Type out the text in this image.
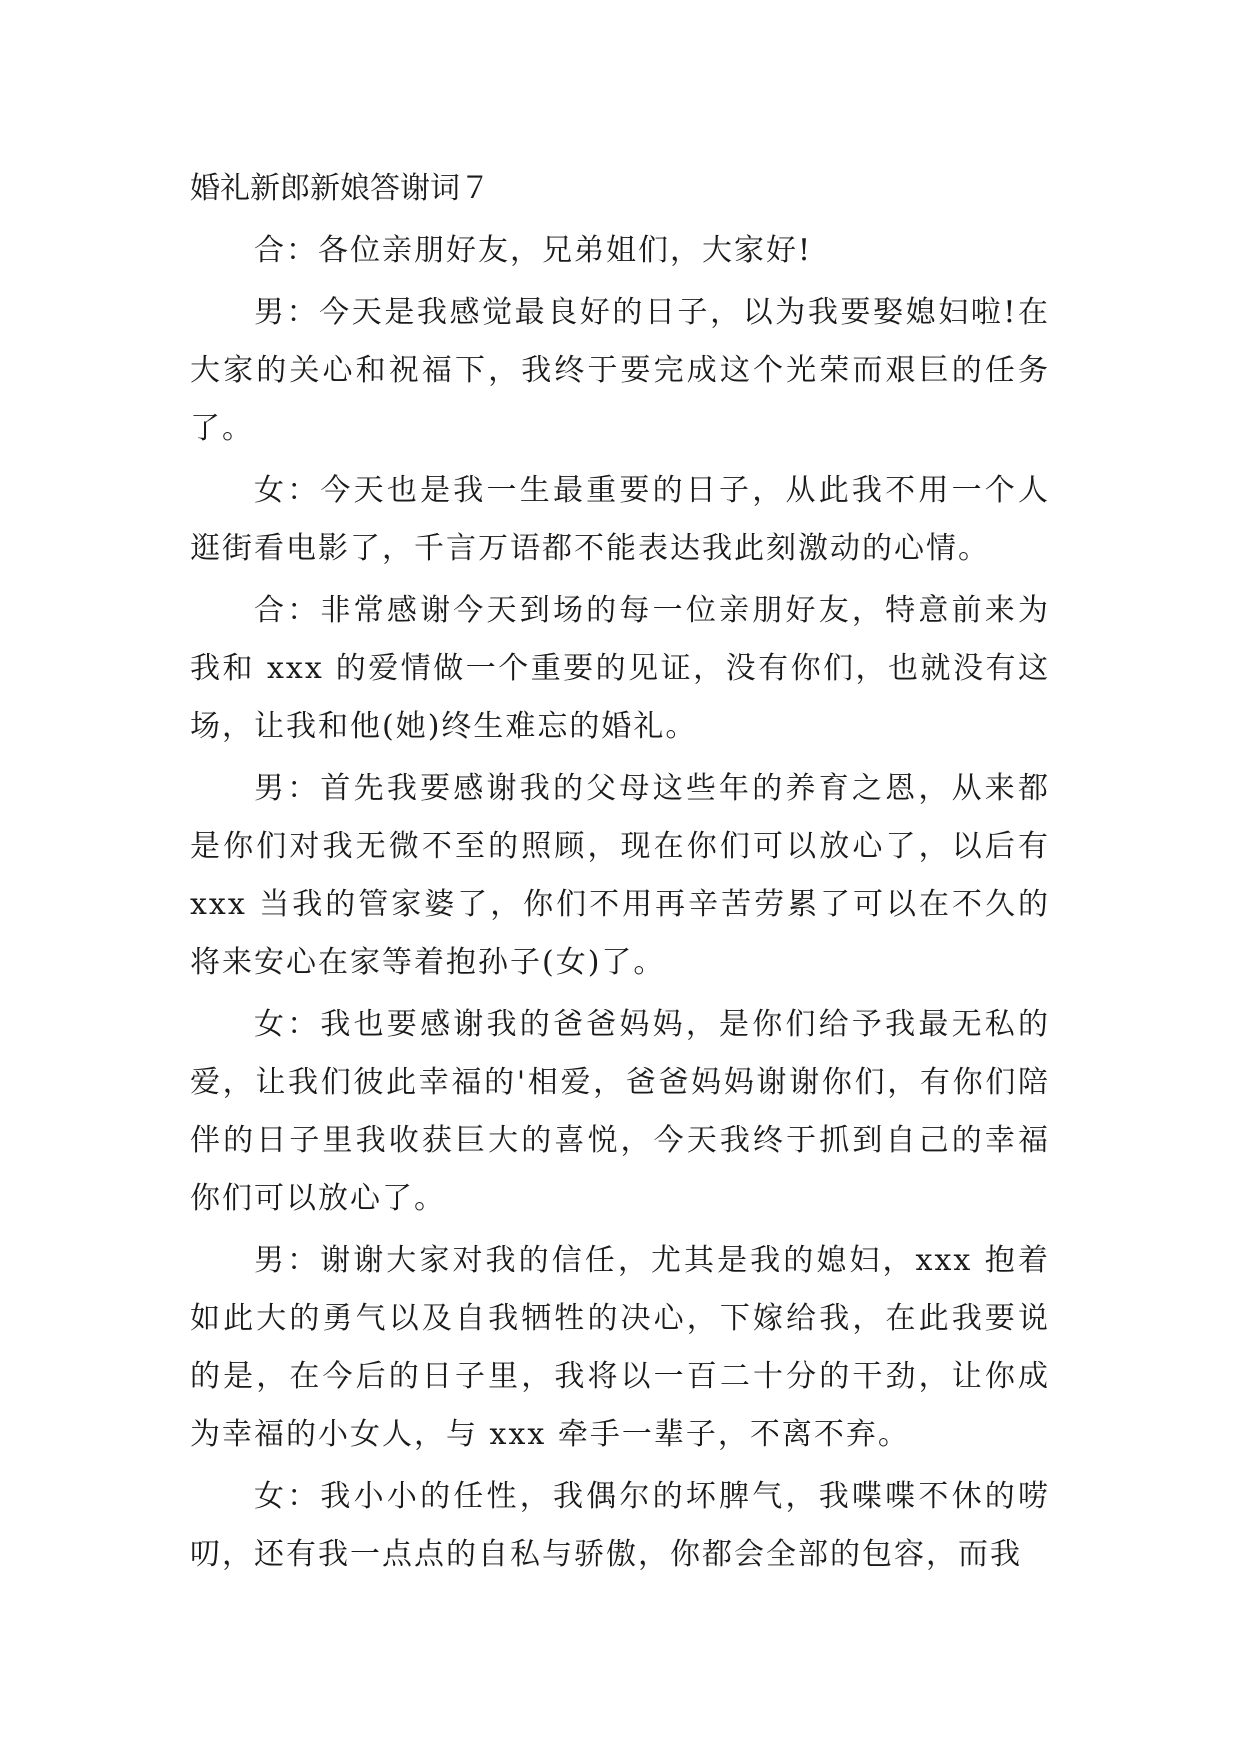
婚礼新郎新娘答谢词７

合：各位亲朋好友，兄弟姐们，大家好!

男：今天是我感觉最良好的日子，以为我要娶媳妇啦!在大家的关心和祝福下，我终于要完成这个光荣而艰巨的任务了。

女：今天也是我一生最重要的日子，从此我不用一个人逛街看电影了，千言万语都不能表达我此刻激动的心情。

合：非常感谢今天到场的每一位亲朋好友，特意前来为我和 xxx 的爱情做一个重要的见证，没有你们，也就没有这场，让我和他(她)终生难忘的婚礼。

男：首先我要感谢我的父母这些年的养育之恩，从来都是你们对我无微不至的照顾，现在你们可以放心了，以后有 xxx 当我的管家婆了，你们不用再辛苦劳累了可以在不久的将来安心在家等着抱孙子(女)了。

女：我也要感谢我的爸爸妈妈，是你们给予我最无私的爱，让我们彼此幸福的'相爱，爸爸妈妈谢谢你们，有你们陪伴的日子里我收获巨大的喜悦，今天我终于抓到自己的幸福你们可以放心了。

男：谢谢大家对我的信任，尤其是我的媳妇，xxx 抱着如此大的勇气以及自我牺牲的决心，下嫁给我，在此我要说的是，在今后的日子里，我将以一百二十分的干劲，让你成为幸福的小女人，与 xxx 牵手一辈子，不离不弃。

女：我小小的任性，我偶尔的坏脾气，我喋喋不休的唠叨，还有我一点点的自私与骄傲，你都会全部的包容，而我
